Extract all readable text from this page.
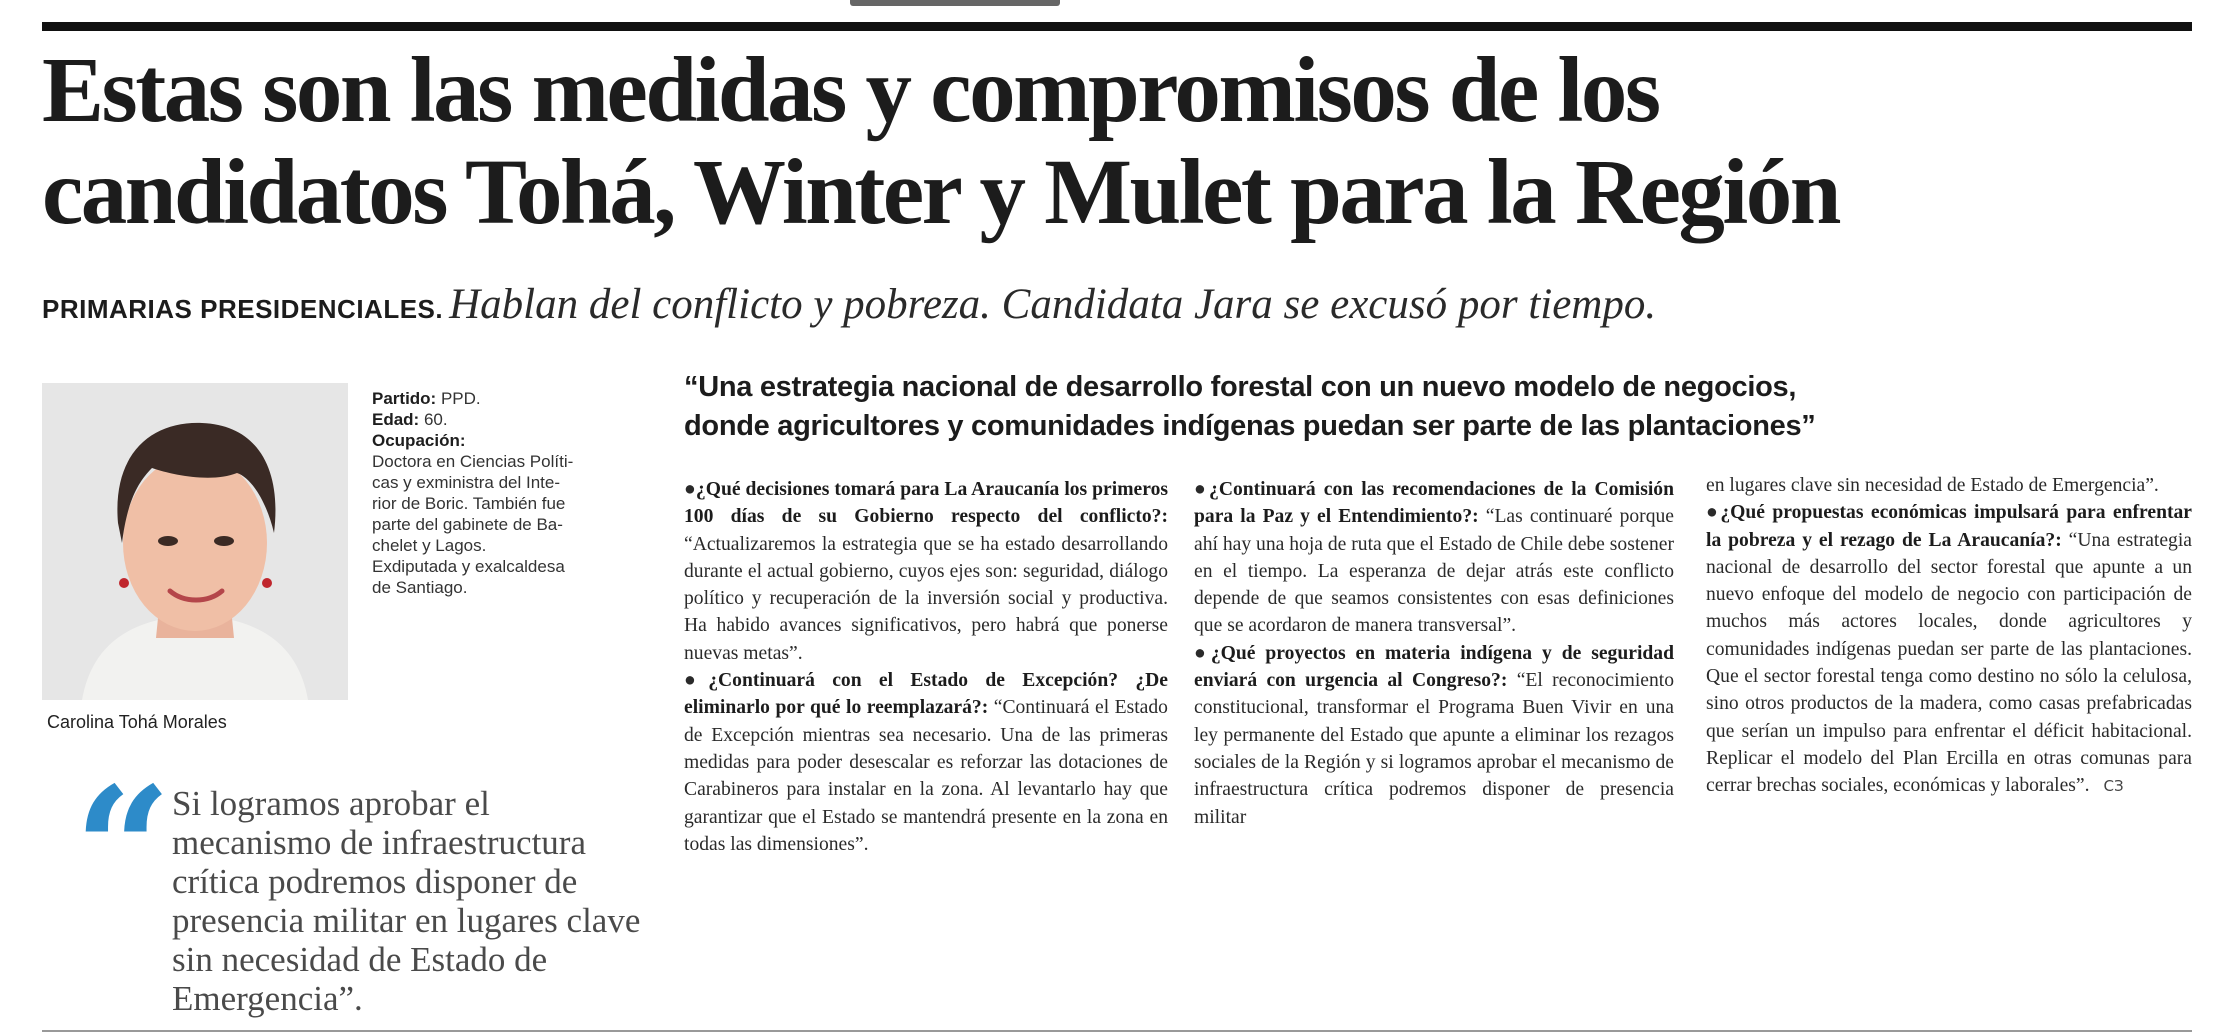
Estas son las medidas y compromisos de los
candidatos Tohá, Winter y Mulet para la Región

PRIMARIAS PRESIDENCIALES. Hablan del conflicto y pobreza. Candidata Jara se excusó por tiempo.

Carolina Tohá Morales
Partido: PPD.
Edad: 60.
Ocupación:
Doctora en Ciencias Políti-
cas y exministra del Inte-
rior de Boric. También fue
parte del gabinete de Ba-
chelet y Lagos.
Exdiputada y exalcaldesa
de Santiago.
“ Si logramos aprobar el mecanismo de infraestructura crítica podremos disponer de presencia militar en lugares clave sin necesidad de Estado de Emergencia”.
“Una estrategia nacional de desarrollo forestal con un nuevo modelo de negocios,
donde agricultores y comunidades indígenas puedan ser parte de las plantaciones”

●¿Qué decisiones tomará para La Araucanía los primeros 100 días de su Gobierno respecto del conflicto?: “Actualizaremos la estrategia que se ha estado desarrollando durante el actual gobierno, cuyos ejes son: seguridad, diálogo político y recuperación de la inversión social y productiva. Ha habido avances significativos, pero habrá que ponerse nuevas metas”.

●¿Continuará con el Estado de Excepción? ¿De eliminarlo por qué lo reemplazará?: “Continuará el Estado de Excepción mientras sea necesario. Una de las primeras medidas para poder desescalar es reforzar las dotaciones de Carabineros para instalar en la zona. Al levantarlo hay que garantizar que el Estado se mantendrá presente en la zona en todas las dimensiones”.

●¿Continuará con las recomendaciones de la Comisión para la Paz y el Entendimiento?: “Las continuaré porque ahí hay una hoja de ruta que el Estado de Chile debe sostener en el tiempo. La esperanza de dejar atrás este conflicto depende de que seamos consistentes con esas definiciones que se acordaron de manera transversal”.

●¿Qué proyectos en materia indígena y de seguridad enviará con urgencia al Congreso?: “El reconocimiento constitucional, transformar el Programa Buen Vivir en una ley permanente del Estado que apunte a eliminar los rezagos sociales de la Región y si logramos aprobar el mecanismo de infraestructura crítica podremos disponer de presencia militar

en lugares clave sin necesidad de Estado de Emergencia”.

●¿Qué propuestas económicas impulsará para enfrentar la pobreza y el rezago de La Araucanía?: “Una estrategia nacional de desarrollo del sector forestal que apunte a un nuevo enfoque del modelo de negocio con participación de muchos más actores locales, donde agricultores y comunidades indígenas puedan ser parte de las plantaciones. Que el sector forestal tenga como destino no sólo la celulosa, sino otros productos de la madera, como casas prefabricadas que serían un impulso para enfrentar el déficit habitacional. Replicar el modelo del Plan Ercilla en otras comunas para cerrar brechas sociales, económicas y laborales”. CЗ
